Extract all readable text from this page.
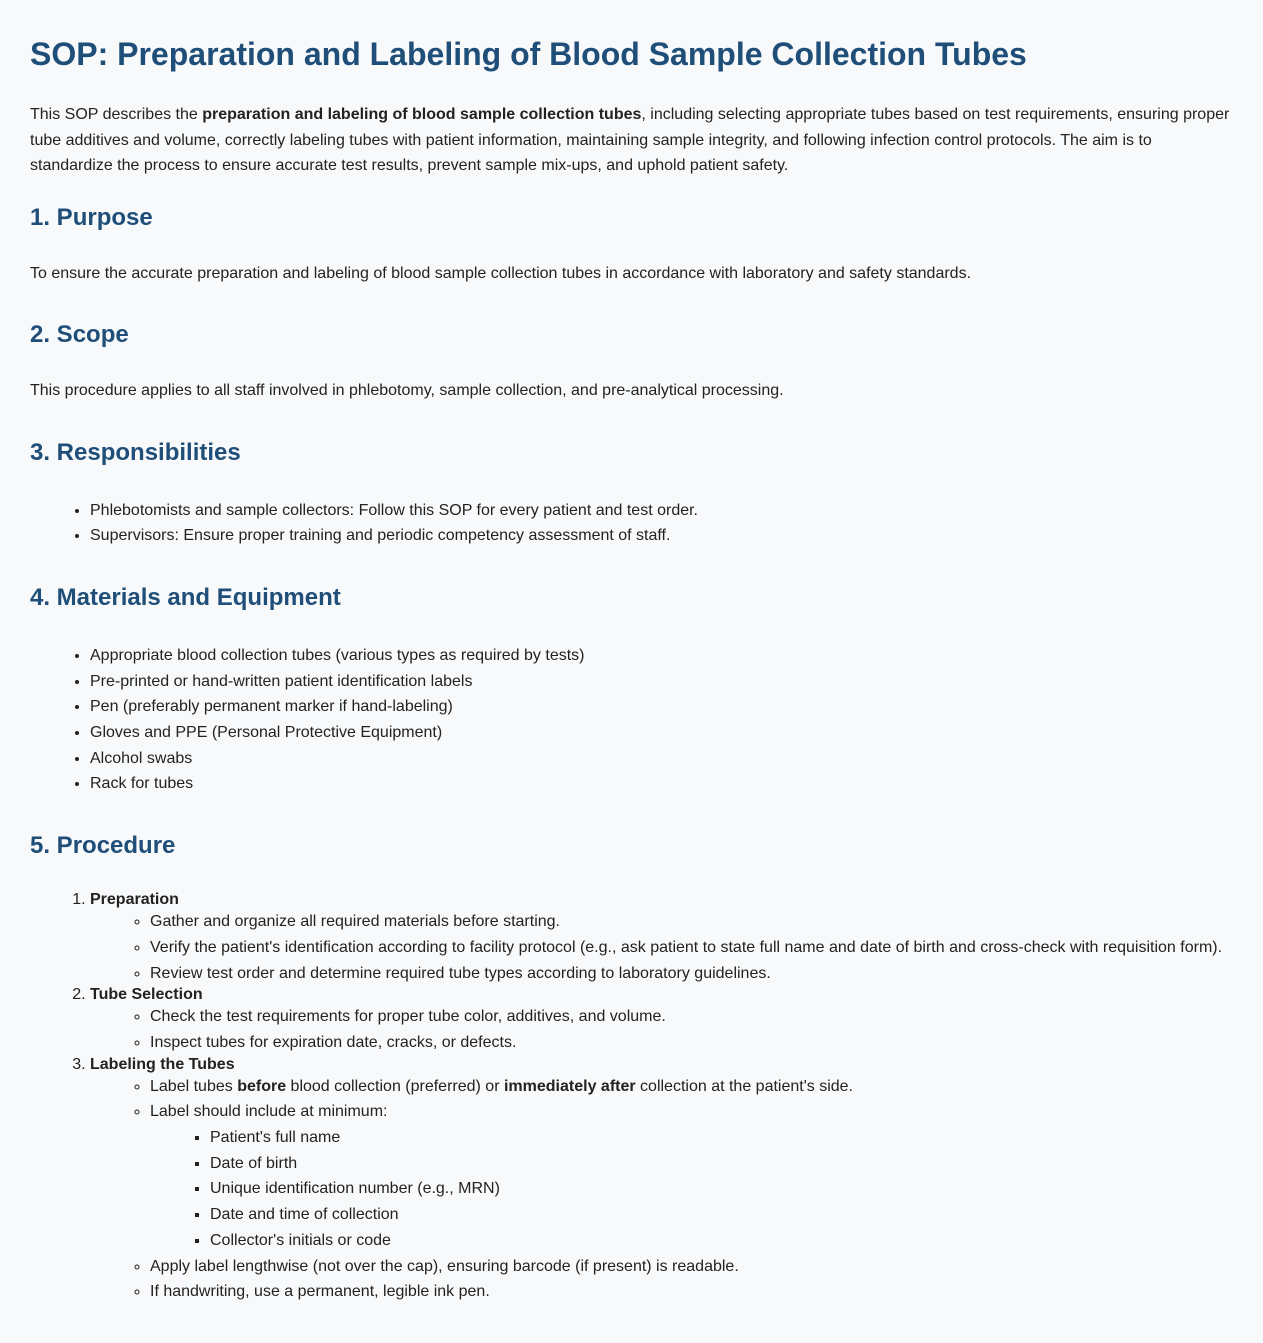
SOP: Preparation and Labeling of Blood Sample Collection Tubes

This SOP describes the preparation and labeling of blood sample collection tubes, including selecting appropriate tubes based on test requirements, ensuring proper tube additives and volume, correctly labeling tubes with patient information, maintaining sample integrity, and following infection control protocols. The aim is to standardize the process to ensure accurate test results, prevent sample mix-ups, and uphold patient safety.

1. Purpose

To ensure the accurate preparation and labeling of blood sample collection tubes in accordance with laboratory and safety standards.

2. Scope

This procedure applies to all staff involved in phlebotomy, sample collection, and pre-analytical processing.

3. Responsibilities
• Phlebotomists and sample collectors: Follow this SOP for every patient and test order.
• Supervisors: Ensure proper training and periodic competency assessment of staff.
4. Materials and Equipment
• Appropriate blood collection tubes (various types as required by tests)
• Pre-printed or hand-written patient identification labels
• Pen (preferably permanent marker if hand-labeling)
• Gloves and PPE (Personal Protective Equipment)
• Alcohol swabs
• Rack for tubes
5. Procedure
1. Preparation
◦ Gather and organize all required materials before starting.
◦ Verify the patient's identification according to facility protocol (e.g., ask patient to state full name and date of birth and cross-check with requisition form).
◦ Review test order and determine required tube types according to laboratory guidelines.
2. Tube Selection
◦ Check the test requirements for proper tube color, additives, and volume.
◦ Inspect tubes for expiration date, cracks, or defects.
3. Labeling the Tubes
◦ Label tubes before blood collection (preferred) or immediately after collection at the patient's side.
◦ Label should include at minimum:
▪ Patient's full name
▪ Date of birth
▪ Unique identification number (e.g., MRN)
▪ Date and time of collection
▪ Collector's initials or code
◦ Apply label lengthwise (not over the cap), ensuring barcode (if present) is readable.
◦ If handwriting, use a permanent, legible ink pen.
